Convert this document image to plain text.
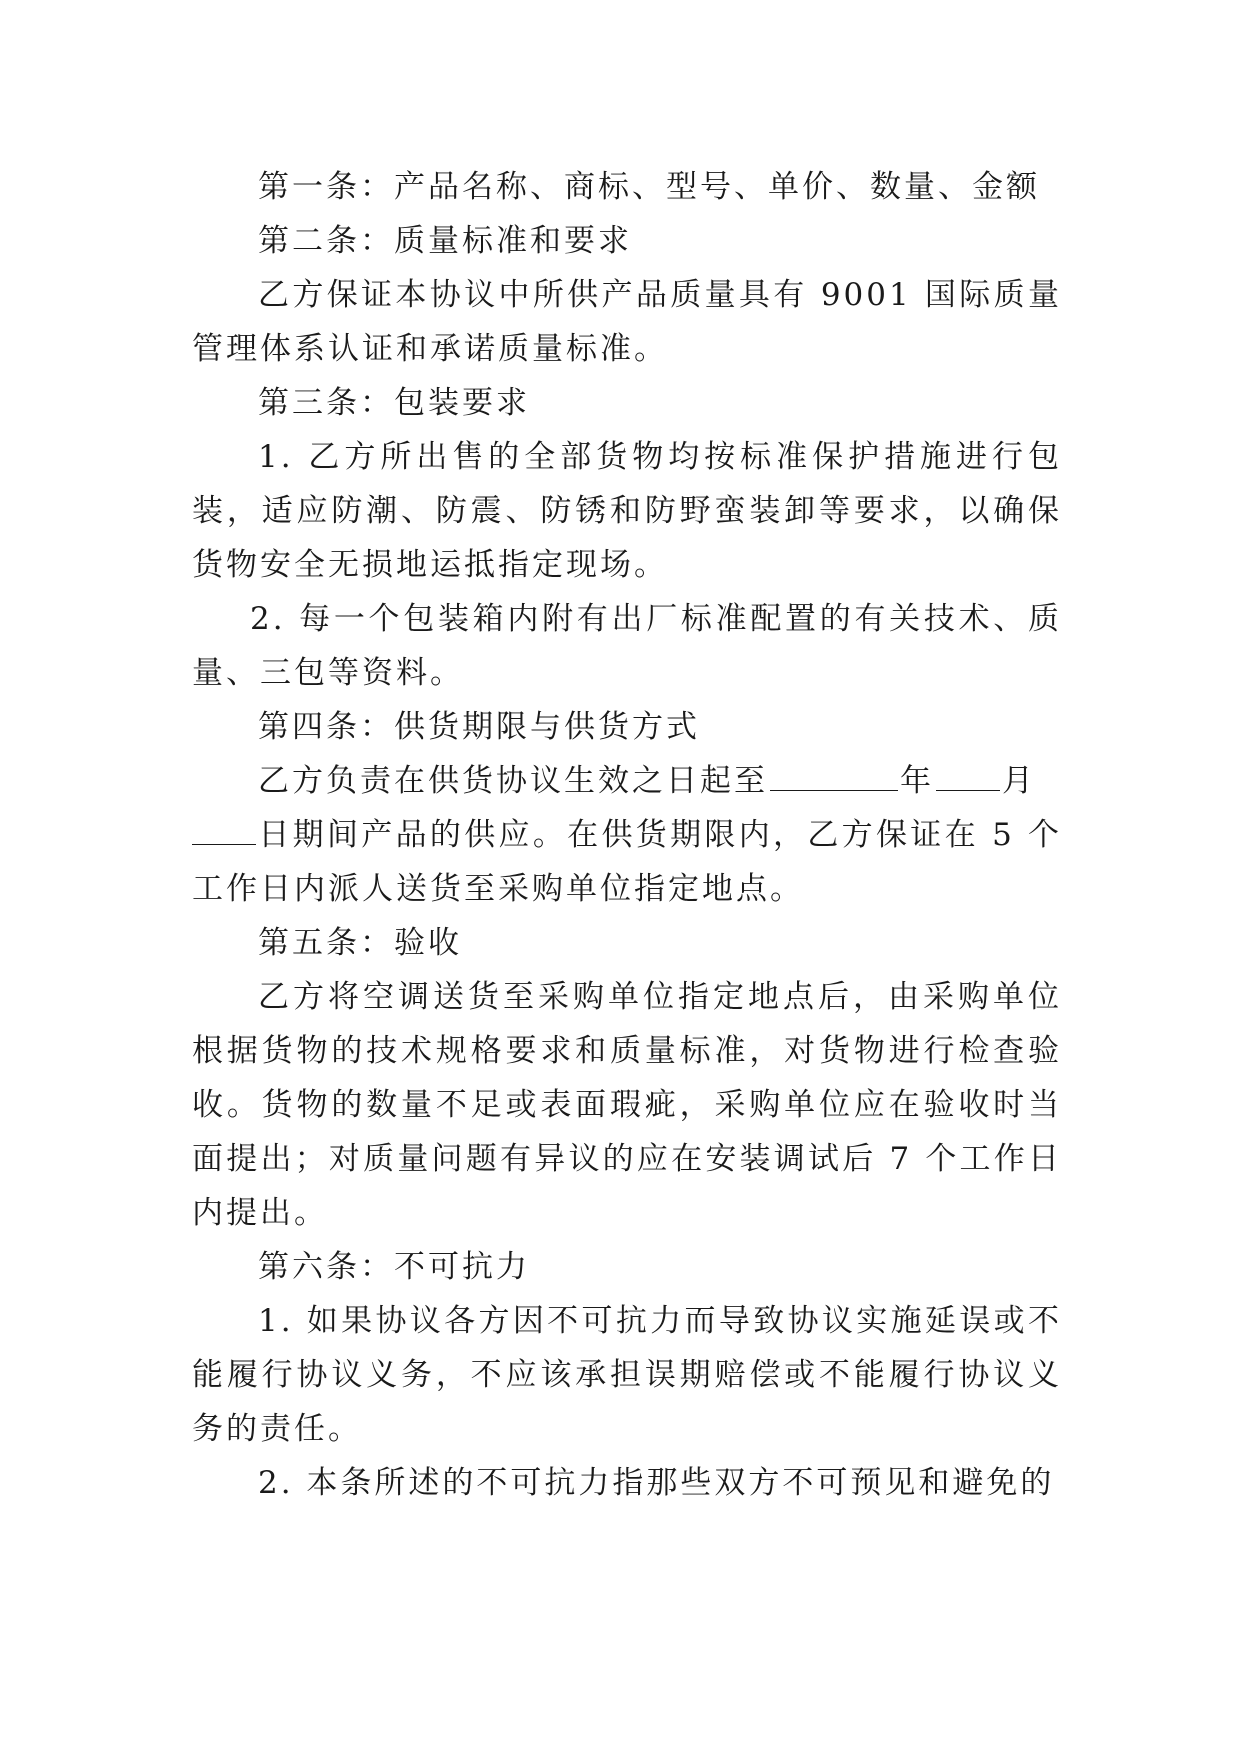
第一条：产品名称、商标、型号、单价、数量、金额

第二条：质量标准和要求

乙方保证本协议中所供产品质量具有 9001 国际质量管理体系认证和承诺质量标准。

第三条：包装要求

1. 乙方所出售的全部货物均按标准保护措施进行包装，适应防潮、防震、防锈和防野蛮装卸等要求，以确保货物安全无损地运抵指定现场。

2. 每一个包装箱内附有出厂标准配置的有关技术、质量、三包等资料。

第四条：供货期限与供货方式

乙方负责在供货协议生效之日起至	年 月

日期间产品的供应。在供货期限内，乙方保证在 5 个工作日内派人送货至采购单位指定地点。

第五条：验收

乙方将空调送货至采购单位指定地点后，由采购单位根据货物的技术规格要求和质量标准，对货物进行检查验收。货物的数量不足或表面瑕疵，采购单位应在验收时当面提出；对质量问题有异议的应在安装调试后 7 个工作日内提出。

第六条：不可抗力

1. 如果协议各方因不可抗力而导致协议实施延误或不能履行协议义务，不应该承担误期赔偿或不能履行协议义务的责任。

2. 本条所述的不可抗力指那些双方不可预见和避免的
